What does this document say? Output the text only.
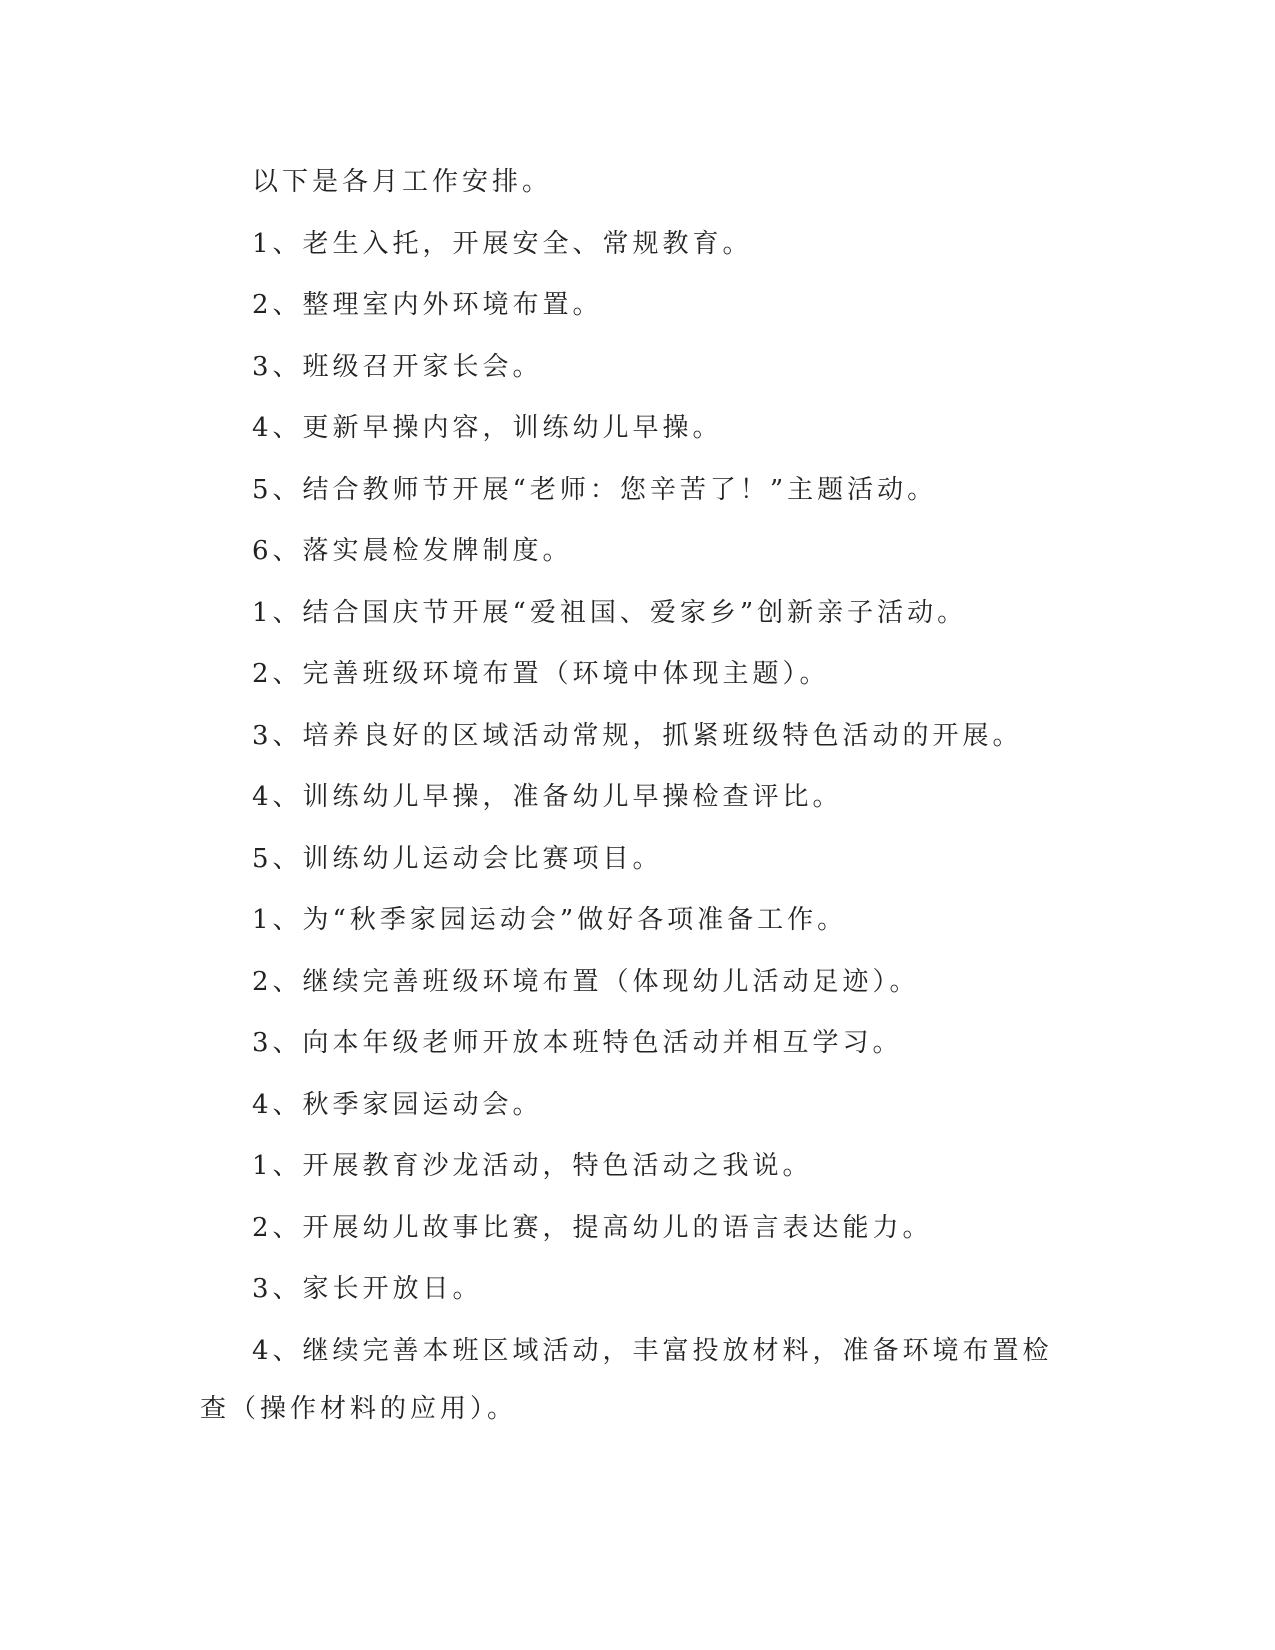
以下是各月工作安排。

1、老生入托，开展安全、常规教育。

2、整理室内外环境布置。

3、班级召开家长会。

4、更新早操内容，训练幼儿早操。

5、结合教师节开展“老师：您辛苦了！”主题活动。

6、落实晨检发牌制度。

1、结合国庆节开展“爱祖国、爱家乡”创新亲子活动。

2、完善班级环境布置（环境中体现主题）。

3、培养良好的区域活动常规，抓紧班级特色活动的开展。

4、训练幼儿早操，准备幼儿早操检查评比。

5、训练幼儿运动会比赛项目。

1、为“秋季家园运动会”做好各项准备工作。

2、继续完善班级环境布置（体现幼儿活动足迹）。

3、向本年级老师开放本班特色活动并相互学习。

4、秋季家园运动会。

1、开展教育沙龙活动，特色活动之我说。

2、开展幼儿故事比赛，提高幼儿的语言表达能力。

3、家长开放日。

4、继续完善本班区域活动，丰富投放材料，准备环境布置检查（操作材料的应用）。
